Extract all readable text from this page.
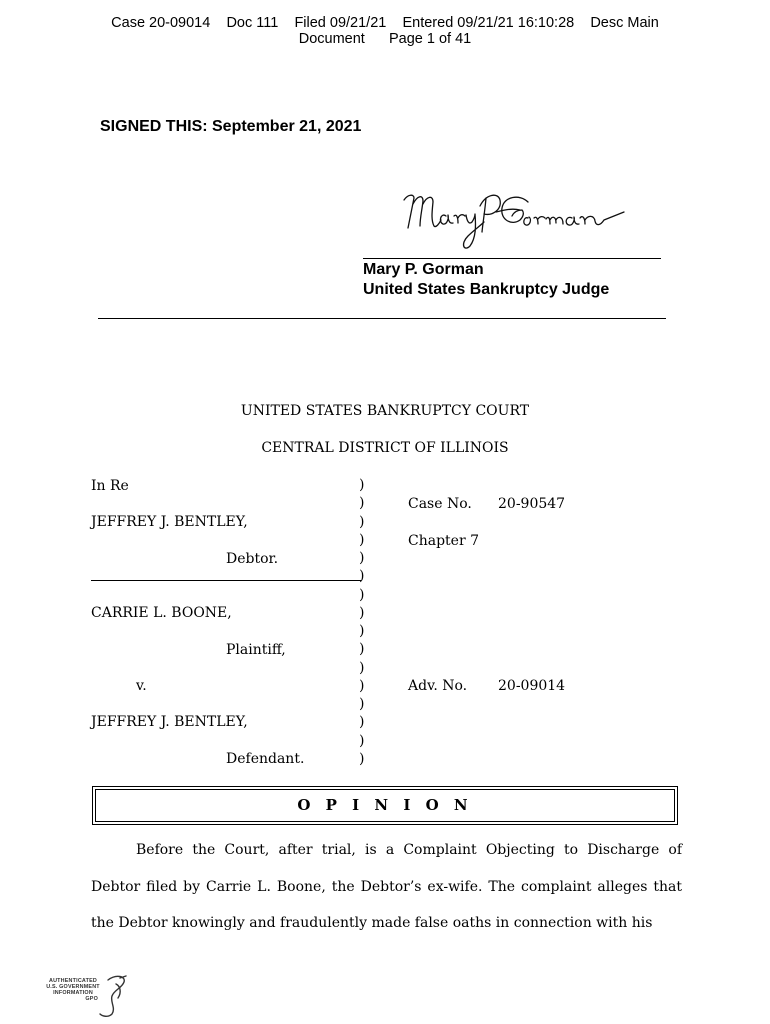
Case 20-09014 Doc 111 Filed 09/21/21 Entered 09/21/21 16:10:28 Desc Main
Document Page 1 of 41
SIGNED THIS: September 21, 2021
Mary P. Gorman
United States Bankruptcy Judge
UNITED STATES BANKRUPTCY COURT
CENTRAL DISTRICT OF ILLINOIS
In Re
JEFFREY J. BENTLEY,
Debtor.
CARRIE L. BOONE,
Plaintiff,
v.
JEFFREY J. BENTLEY,
Defendant.
)
)
)
)
)
)
)
)
)
)
)
)
)
)
)
)
Case No. 20-90547
Chapter 7
Adv. No. 20-09014
O P I N I O N

Before the Court, after trial, is a Complaint Objecting to Discharge of Debtor filed by Carrie L. Boone, the Debtor’s ex-wife. The complaint alleges that the Debtor knowingly and fraudulently made false oaths in connection with his

AUTHENTICATED
U.S. GOVERNMENT
INFORMATION
GPO
